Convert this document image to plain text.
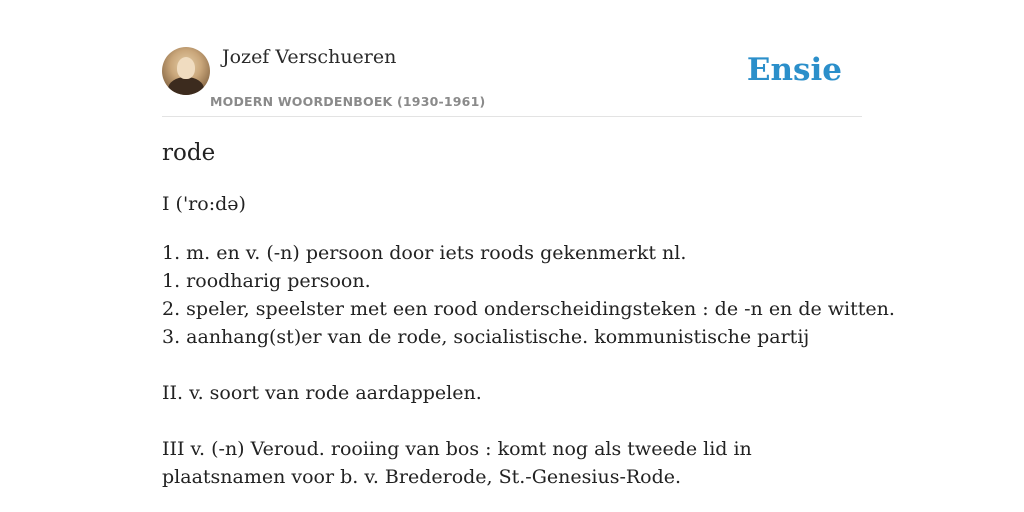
Jozef Verschueren
MODERN WOORDENBOEK (1930-1961)
Ensie
rode
I ('ro:də)
1. m. en v. (-n) persoon door iets roods gekenmerkt nl.
1. roodharig persoon.
2. speler, speelster met een rood onderscheidingsteken : de -n en de witten.
3. aanhang(st)er van de rode, socialistische. kommunistische partij
II. v. soort van rode aardappelen.
III v. (-n) Veroud. rooiing van bos : komt nog als tweede lid in plaatsnamen voor b. v. Brederode, St.-Genesius-Rode.
